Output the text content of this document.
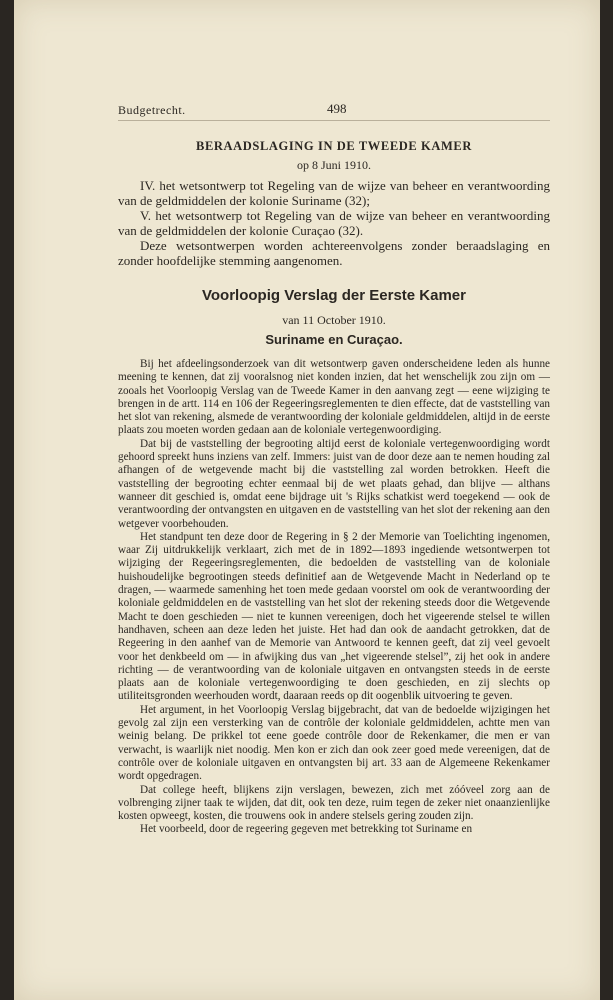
Budgetrecht.	498
BERAADSLAGING IN DE TWEEDE KAMER
op 8 Juni 1910.

IV. het wetsontwerp tot Regeling van de wijze van beheer en verantwoording van de geldmiddelen der kolonie Suriname (32);

V. het wetsontwerp tot Regeling van de wijze van beheer en verantwoording van de geldmiddelen der kolonie Curaçao (32).

Deze wetsontwerpen worden achtereenvolgens zonder beraadslaging en zonder hoofdelijke stemming aangenomen.

Voorloopig Verslag der Eerste Kamer
van 11 October 1910.
Suriname en Curaçao.

Bij het afdeelingsonderzoek van dit wetsontwerp gaven onderscheidene leden als hunne meening te kennen, dat zij vooralsnog niet konden inzien, dat het wenschelijk zou zijn om — zooals het Voorloopig Verslag van de Tweede Kamer in den aanvang zegt — eene wijziging te brengen in de artt. 114 en 106 der Regeeringsreglementen te dien effecte, dat de vaststelling van het slot van rekening, alsmede de verantwoording der koloniale geldmiddelen, altijd in de eerste plaats zou moeten worden gedaan aan de koloniale vertegenwoordiging.

Dat bij de vaststelling der begrooting altijd eerst de koloniale vertegenwoordiging wordt gehoord spreekt huns inziens van zelf. Immers: juist van de door deze aan te nemen houding zal afhangen of de wetgevende macht bij die vaststelling zal worden betrokken. Heeft die vaststelling der begrooting echter eenmaal bij de wet plaats gehad, dan blijve — althans wanneer dit geschied is, omdat eene bijdrage uit 's Rijks schatkist werd toegekend — ook de verantwoording der ontvangsten en uitgaven en de vaststelling van het slot der rekening aan den wetgever voorbehouden.

Het standpunt ten deze door de Regering in § 2 der Memorie van Toelichting ingenomen, waar Zij uitdrukkelijk verklaart, zich met de in 1892—1893 ingediende wetsontwerpen tot wijziging der Regeeringsreglementen, die bedoelden de vaststelling van de koloniale huishoudelijke begrootingen steeds definitief aan de Wetgevende Macht in Nederland op te dragen, — waarmede samenhing het toen mede gedaan voorstel om ook de verantwoording der koloniale geldmiddelen en de vaststelling van het slot der rekening steeds door die Wetgevende Macht te doen geschieden — niet te kunnen vereenigen, doch het vigeerende stelsel te willen handhaven, scheen aan deze leden het juiste. Het had dan ook de aandacht getrokken, dat de Regeering in den aanhef van de Memorie van Antwoord te kennen geeft, dat zij veel gevoelt voor het denkbeeld om — in afwijking dus van „het vigeerende stelsel”, zij het ook in andere richting — de verantwoording van de koloniale uitgaven en ontvangsten steeds in de eerste plaats aan de koloniale vertegenwoordiging te doen geschieden, en zij slechts op utiliteitsgronden weerhouden wordt, daaraan reeds op dit oogenblik uitvoering te geven.

Het argument, in het Voorloopig Verslag bijgebracht, dat van de bedoelde wijzigingen het gevolg zal zijn een versterking van de contrôle der koloniale geldmiddelen, achtte men van weinig belang. De prikkel tot eene goede contrôle door de Rekenkamer, die men er van verwacht, is waarlijk niet noodig. Men kon er zich dan ook zeer goed mede vereenigen, dat de contrôle over de koloniale uitgaven en ontvangsten bij art. 33 aan de Algemeene Rekenkamer wordt opgedragen.

Dat college heeft, blijkens zijn verslagen, bewezen, zich met zóóveel zorg aan de volbrenging zijner taak te wijden, dat dit, ook ten deze, ruim tegen de zeker niet onaanzienlijke kosten opweegt, kosten, die trouwens ook in andere stelsels gering zouden zijn.

Het voorbeeld, door de regeering gegeven met betrekking tot Suriname en
